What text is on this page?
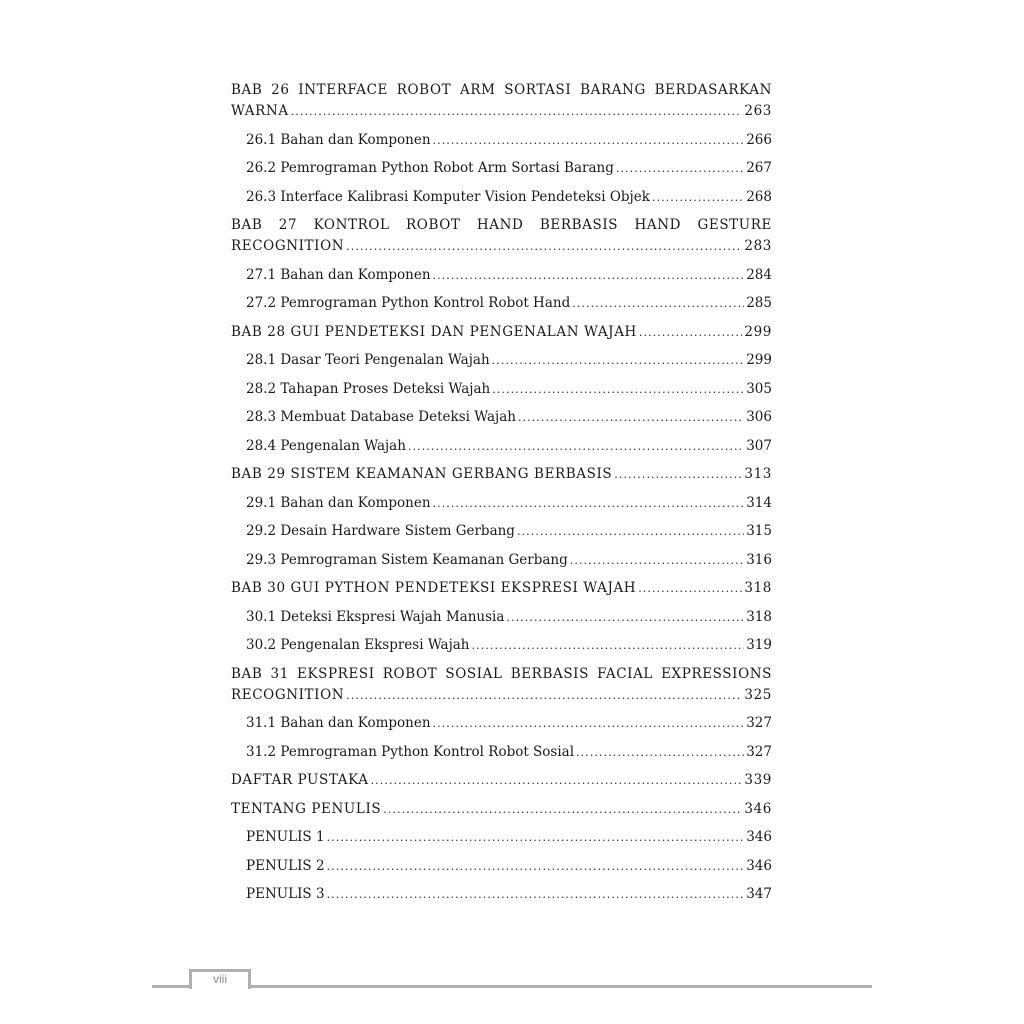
BAB 26 INTERFACE ROBOT ARM SORTASI BARANG BERDASARKAN
WARNA . . .	263
26.1 Bahan dan Komponen . . .	266
26.2 Pemrograman Python Robot Arm Sortasi Barang . . .	267
26.3 Interface Kalibrasi Komputer Vision Pendeteksi Objek . . .	268
BAB 27 KONTROL ROBOT HAND BERBASIS HAND GESTURE
RECOGNITION . . .	283
27.1 Bahan dan Komponen . . .	284
27.2 Pemrograman Python Kontrol Robot Hand . . .	285
BAB 28 GUI PENDETEKSI DAN PENGENALAN WAJAH . . .	299
28.1 Dasar Teori Pengenalan Wajah . . .	299
28.2 Tahapan Proses Deteksi Wajah . . .	305
28.3 Membuat Database Deteksi Wajah . . .	306
28.4 Pengenalan Wajah . . .	307
BAB 29 SISTEM KEAMANAN GERBANG BERBASIS . . .	313
29.1 Bahan dan Komponen . . .	314
29.2 Desain Hardware Sistem Gerbang . . .	315
29.3 Pemrograman Sistem Keamanan Gerbang . . .	316
BAB 30 GUI PYTHON PENDETEKSI EKSPRESI WAJAH . . .	318
30.1 Deteksi Ekspresi Wajah Manusia . . .	318
30.2 Pengenalan Ekspresi Wajah . . .	319
BAB 31 EKSPRESI ROBOT SOSIAL BERBASIS FACIAL EXPRESSIONS
RECOGNITION . . .	325
31.1 Bahan dan Komponen . . .	327
31.2 Pemrograman Python Kontrol Robot Sosial . . .	327
DAFTAR PUSTAKA . . .	339
TENTANG PENULIS . . .	346
PENULIS 1 . . .	346
PENULIS 2 . . .	346
PENULIS 3 . . .	347
viii
